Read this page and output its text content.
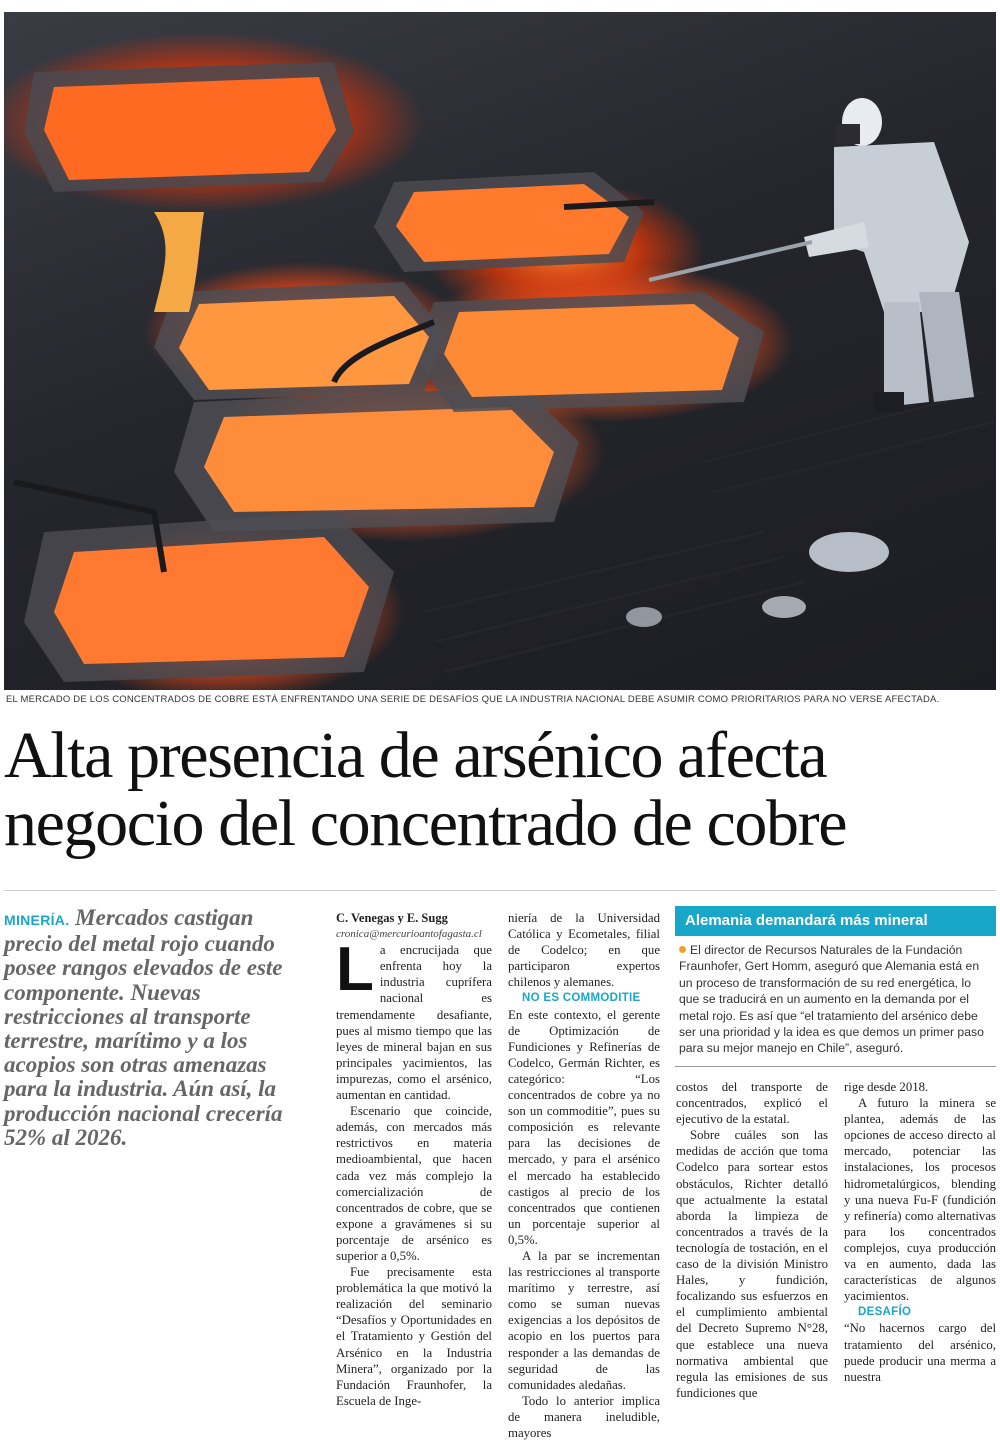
EL MERCADO DE LOS CONCENTRADOS DE COBRE ESTÁ ENFRENTANDO UNA SERIE DE DESAFÍOS QUE LA INDUSTRIA NACIONAL DEBE ASUMIR COMO PRIORITARIOS PARA NO VERSE AFECTADA.
Alta presencia de arsénico afecta
negocio del concentrado de cobre
MINERÍA. Mercados castigan precio del metal rojo cuando posee rangos elevados de este componente. Nuevas restricciones al transporte terrestre, marítimo y a los acopios son otras amenazas para la industria. Aún así, la producción nacional crecería 52% al 2026.

C. Venegas y E. Sugg

cronica@mercurioantofagasta.cl

La encrucijada que enfrenta hoy la industria cuprífera nacional es tremendamente desafiante, pues al mismo tiempo que las leyes de mineral bajan en sus principales yacimientos, las impurezas, como el arsénico, aumentan en cantidad.

Escenario que coincide, además, con mercados más restrictivos en materia medioambiental, que hacen cada vez más complejo la comercialización de concentrados de cobre, que se expone a gravámenes si su porcentaje de arsénico es superior a 0,5%.

Fue precisamente esta problemática la que motivó la realización del seminario “Desafíos y Oportunidades en el Tratamiento y Gestión del Arsénico en la Industria Minera”, organizado por la Fundación Fraunhofer, la Escuela de Inge-

niería de la Universidad Católica y Ecometales, filial de Codelco; en que participaron expertos chilenos y alemanes.

NO ES COMMODITIE

En este contexto, el gerente de Optimización de Fundiciones y Refinerías de Codelco, Germán Richter, es categórico: “Los concentrados de cobre ya no son un commoditie”, pues su composición es relevante para las decisiones de mercado, y para el arsénico el mercado ha establecido castigos al precio de los concentrados que contienen un porcentaje superior al 0,5%.

A la par se incrementan las restricciones al transporte marítimo y terrestre, así como se suman nuevas exigencias a los depósitos de acopio en los puertos para responder a las demandas de seguridad de las comunidades aledañas.

Todo lo anterior implica de manera ineludible, mayores

Alemania demandará más mineral
El director de Recursos Naturales de la Fundación Fraunhofer, Gert Homm, aseguró que Alemania está en un proceso de transformación de su red energética, lo que se traducirá en un aumento en la demanda por el metal rojo. Es así que “el tratamiento del arsénico debe ser una prioridad y la idea es que demos un primer paso para su mejor manejo en Chile”, aseguró.

costos del transporte de concentrados, explicó el ejecutivo de la estatal.

Sobre cuáles son las medidas de acción que toma Codelco para sortear estos obstáculos, Richter detalló que actualmente la estatal aborda la limpieza de concentrados a través de la tecnología de tostación, en el caso de la división Ministro Hales, y fundición, focalizando sus esfuerzos en el cumplimiento ambiental del Decreto Supremo N°28, que establece una nueva normativa ambiental que regula las emisiones de sus fundiciones que

rige desde 2018.

A futuro la minera se plantea, además de las opciones de acceso directo al mercado, potenciar las instalaciones, los procesos hidrometalúrgicos, blending y una nueva Fu-F (fundición y refinería) como alternativas para los concentrados complejos, cuya producción va en aumento, dada las características de algunos yacimientos.

DESAFÍO

“No hacernos cargo del tratamiento del arsénico, puede producir una merma a nuestra
